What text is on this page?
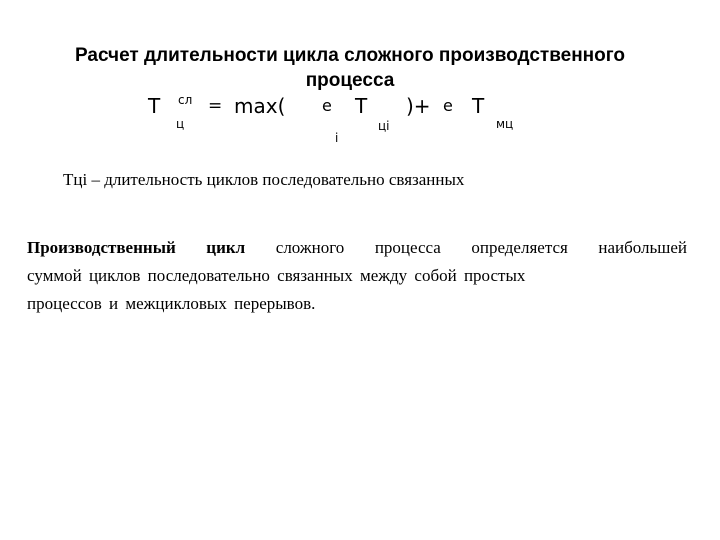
Расчет длительности цикла сложного производственного
процесса
Т сл
ц
= max( е Т
цi
i
)+ е Т
мц
Тцi – длительность циклов последовательно связанных
Производственный цикл сложного процесса определяется наибольшей
суммой циклов последовательно связанных между собой простых
процессов и межцикловых перерывов.
